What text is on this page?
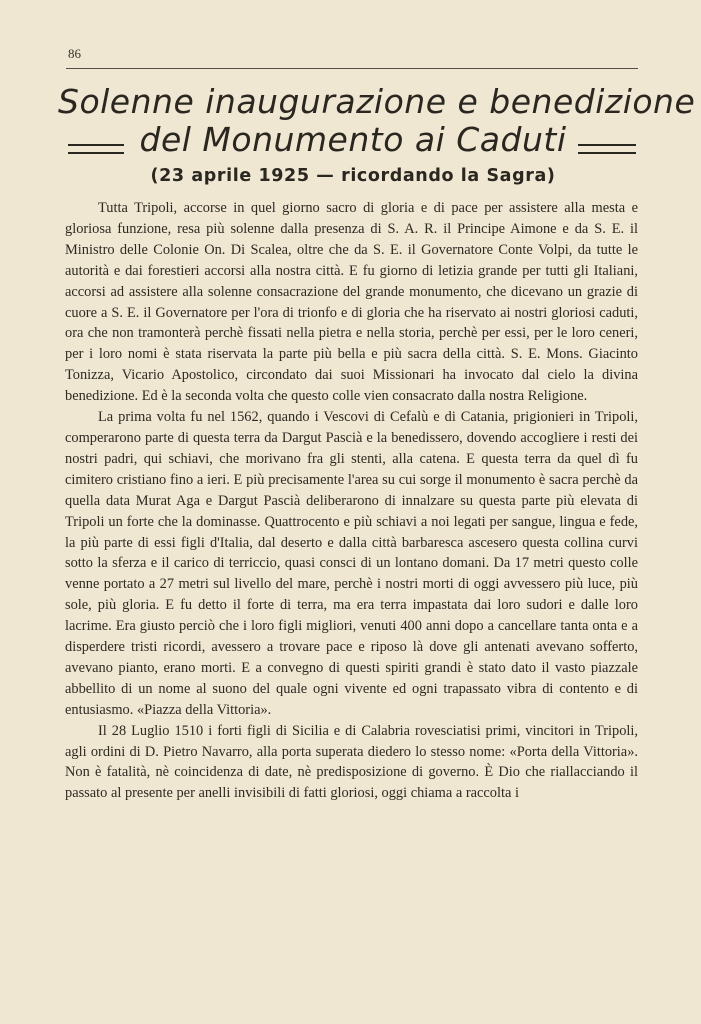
86
Solenne inaugurazione e benedizione
del Monumento ai Caduti
(23 aprile 1925 — ricordando la Sagra)

Tutta Tripoli, accorse in quel giorno sacro di gloria e di pace per assistere alla mesta e gloriosa funzione, resa più solenne dalla presenza di S. A. R. il Principe Aimone e da S. E. il Ministro delle Colonie On. Di Scalea, oltre che da S. E. il Governatore Conte Volpi, da tutte le autorità e dai forestieri accorsi alla nostra città. E fu giorno di letizia grande per tutti gli Italiani, accorsi ad assistere alla solenne consacrazione del grande monumento, che dicevano un grazie di cuore a S. E. il Governatore per l'ora di trionfo e di gloria che ha riservato ai nostri gloriosi caduti, ora che non tramonterà perchè fissati nella pietra e nella storia, perchè per essi, per le loro ceneri, per i loro nomi è stata riservata la parte più bella e più sacra della città. S. E. Mons. Giacinto Tonizza, Vicario Apostolico, circondato dai suoi Missionari ha invocato dal cielo la divina benedizione. Ed è la seconda volta che questo colle vien consacrato dalla nostra Religione.

La prima volta fu nel 1562, quando i Vescovi di Cefalù e di Catania, prigionieri in Tripoli, comperarono parte di questa terra da Dargut Pascià e la benedissero, dovendo accogliere i resti dei nostri padri, qui schiavi, che morivano fra gli stenti, alla catena. E questa terra da quel dì fu cimitero cristiano fino a ieri. E più precisamente l'area su cui sorge il monumento è sacra perchè da quella data Murat Aga e Dargut Pascià deliberarono di innalzare su questa parte più elevata di Tripoli un forte che la dominasse. Quattrocento e più schiavi a noi legati per sangue, lingua e fede, la più parte di essi figli d'Italia, dal deserto e dalla città barbaresca ascesero questa collina curvi sotto la sferza e il carico di terriccio, quasi consci di un lontano domani. Da 17 metri questo colle venne portato a 27 metri sul livello del mare, perchè i nostri morti di oggi avvessero più luce, più sole, più gloria. E fu detto il forte di terra, ma era terra impastata dai loro sudori e dalle loro lacrime. Era giusto perciò che i loro figli migliori, venuti 400 anni dopo a cancellare tanta onta e a disperdere tristi ricordi, avessero a trovare pace e riposo là dove gli antenati avevano sofferto, avevano pianto, erano morti. E a convegno di questi spiriti grandi è stato dato il vasto piazzale abbellito di un nome al suono del quale ogni vivente ed ogni trapassato vibra di contento e di entusiasmo. «Piazza della Vittoria».

Il 28 Luglio 1510 i forti figli di Sicilia e di Calabria rovesciatisi primi, vincitori in Tripoli, agli ordini di D. Pietro Navarro, alla porta superata diedero lo stesso nome: «Porta della Vittoria». Non è fatalità, nè coincidenza di date, nè predisposizione di governo. È Dio che riallacciando il passato al presente per anelli invisibili di fatti gloriosi, oggi chiama a raccolta i
